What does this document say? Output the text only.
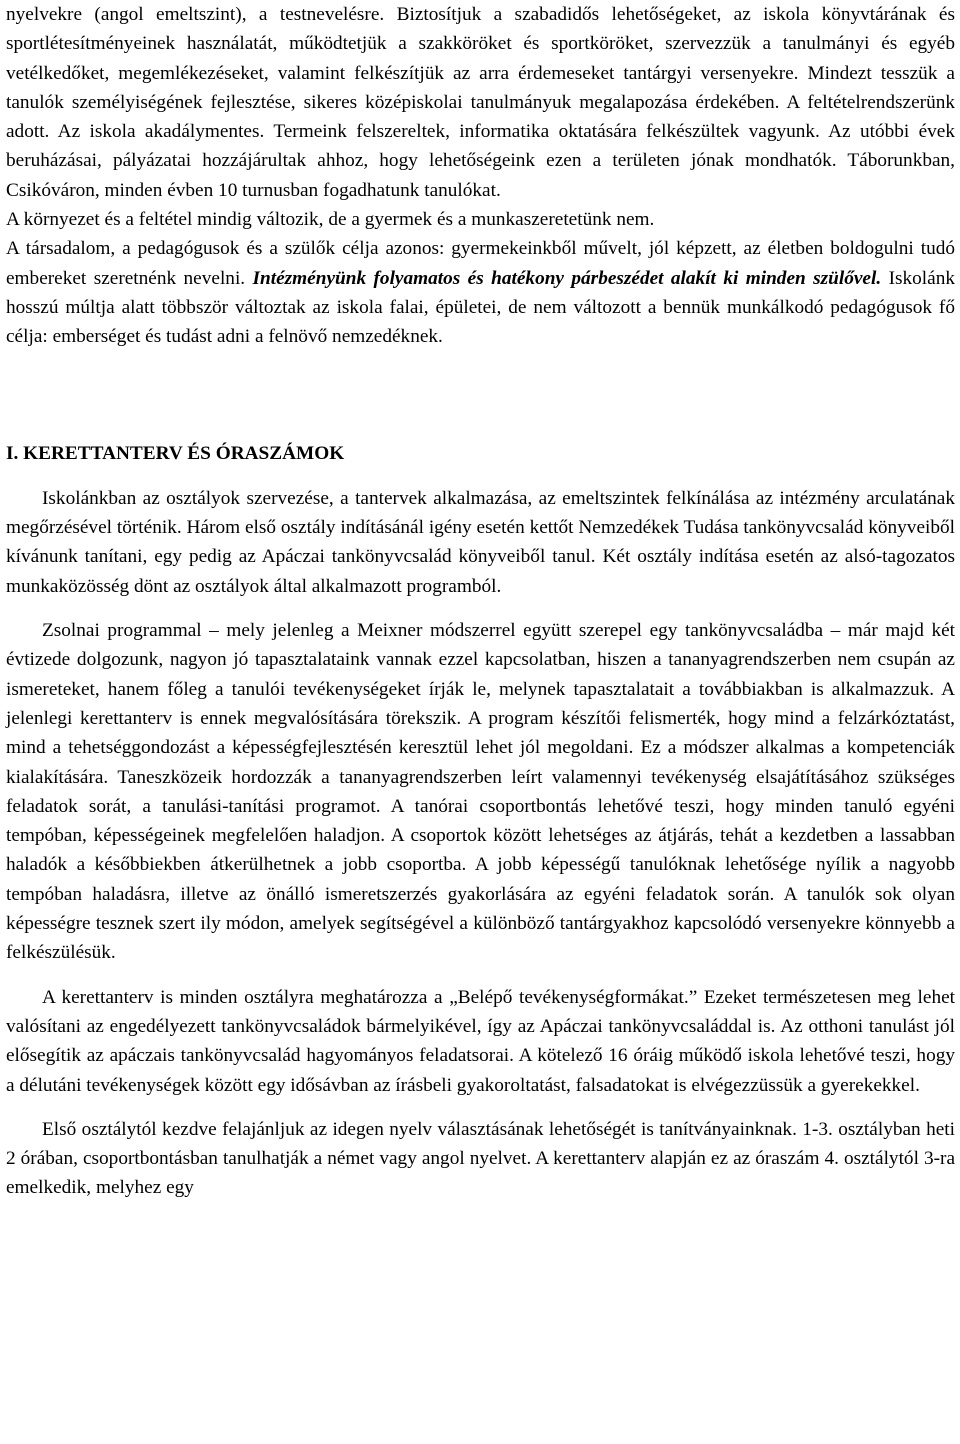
nyelvekre (angol emeltszint), a testnevelésre. Biztosítjuk a szabadidős lehetőségeket, az iskola könyvtárának és sportlétesítményeinek használatát, működtetjük a szakköröket és sportköröket, szervezzük a tanulmányi és egyéb vetélkedőket, megemlékezéseket, valamint felkészítjük az arra érdemeseket tantárgyi versenyekre. Mindezt tesszük a tanulók személyiségének fejlesztése, sikeres középiskolai tanulmányuk megalapozása érdekében. A feltételrendszerünk adott. Az iskola akadálymentes. Termeink felszereltek, informatika oktatására felkészültek vagyunk. Az utóbbi évek beruházásai, pályázatai hozzájárultak ahhoz, hogy lehetőségeink ezen a területen jónak mondhatók. Táborunkban, Csikóváron, minden évben 10 turnusban fogadhatunk tanulókat.

A környezet és a feltétel mindig változik, de a gyermek és a munkaszeretetünk nem.

A társadalom, a pedagógusok és a szülők célja azonos: gyermekeinkből művelt, jól képzett, az életben boldogulni tudó embereket szeretnénk nevelni. Intézményünk folyamatos és hatékony párbeszédet alakít ki minden szülővel. Iskolánk hosszú múltja alatt többször változtak az iskola falai, épületei, de nem változott a bennük munkálkodó pedagógusok fő célja: emberséget és tudást adni a felnövő nemzedéknek.

I. KERETTANTERV ÉS ÓRASZÁMOK

Iskolánkban az osztályok szervezése, a tantervek alkalmazása, az emeltszintek felkínálása az intézmény arculatának megőrzésével történik. Három első osztály indításánál igény esetén kettőt Nemzedékek Tudása tankönyvcsalád könyveiből kívánunk tanítani, egy pedig az Apáczai tankönyvcsalád könyveiből tanul. Két osztály indítása esetén az alsó-tagozatos munkaközösség dönt az osztályok által alkalmazott programból.

Zsolnai programmal – mely jelenleg a Meixner módszerrel együtt szerepel egy tankönyvcsaládba – már majd két évtizede dolgozunk, nagyon jó tapasztalataink vannak ezzel kapcsolatban, hiszen a tananyagrendszerben nem csupán az ismereteket, hanem főleg a tanulói tevékenységeket írják le, melynek tapasztalatait a továbbiakban is alkalmazzuk. A jelenlegi kerettanterv is ennek megvalósítására törekszik. A program készítői felismerték, hogy mind a felzárkóztatást, mind a tehetséggondozást a képességfejlesztésén keresztül lehet jól megoldani. Ez a módszer alkalmas a kompetenciák kialakítására. Taneszközeik hordozzák a tananyagrendszerben leírt valamennyi tevékenység elsajátításához szükséges feladatok sorát, a tanulási-tanítási programot. A tanórai csoportbontás lehetővé teszi, hogy minden tanuló egyéni tempóban, képességeinek megfelelően haladjon. A csoportok között lehetséges az átjárás, tehát a kezdetben a lassabban haladók a későbbiekben átkerülhetnek a jobb csoportba. A jobb képességű tanulóknak lehetősége nyílik a nagyobb tempóban haladásra, illetve az önálló ismeretszerzés gyakorlására az egyéni feladatok során. A tanulók sok olyan képességre tesznek szert ily módon, amelyek segítségével a különböző tantárgyakhoz kapcsolódó versenyekre könnyebb a felkészülésük.

A kerettanterv is minden osztályra meghatározza a „Belépő tevékenységformákat.” Ezeket természetesen meg lehet valósítani az engedélyezett tankönyvcsaládok bármelyikével, így az Apáczai tankönyvcsaláddal is. Az otthoni tanulást jól elősegítik az apáczais tankönyvcsalád hagyományos feladatsorai. A kötelező 16 óráig működő iskola lehetővé teszi, hogy a délutáni tevékenységek között egy idősávban az írásbeli gyakoroltatást, falsadatokat is elvégezzüssük a gyerekekkel.

Első osztálytól kezdve felajánljuk az idegen nyelv választásának lehetőségét is tanítványainknak. 1-3. osztályban heti 2 órában, csoportbontásban tanulhatják a német vagy angol nyelvet. A kerettanterv alapján ez az óraszám 4. osztálytól 3-ra emelkedik, melyhez egy
